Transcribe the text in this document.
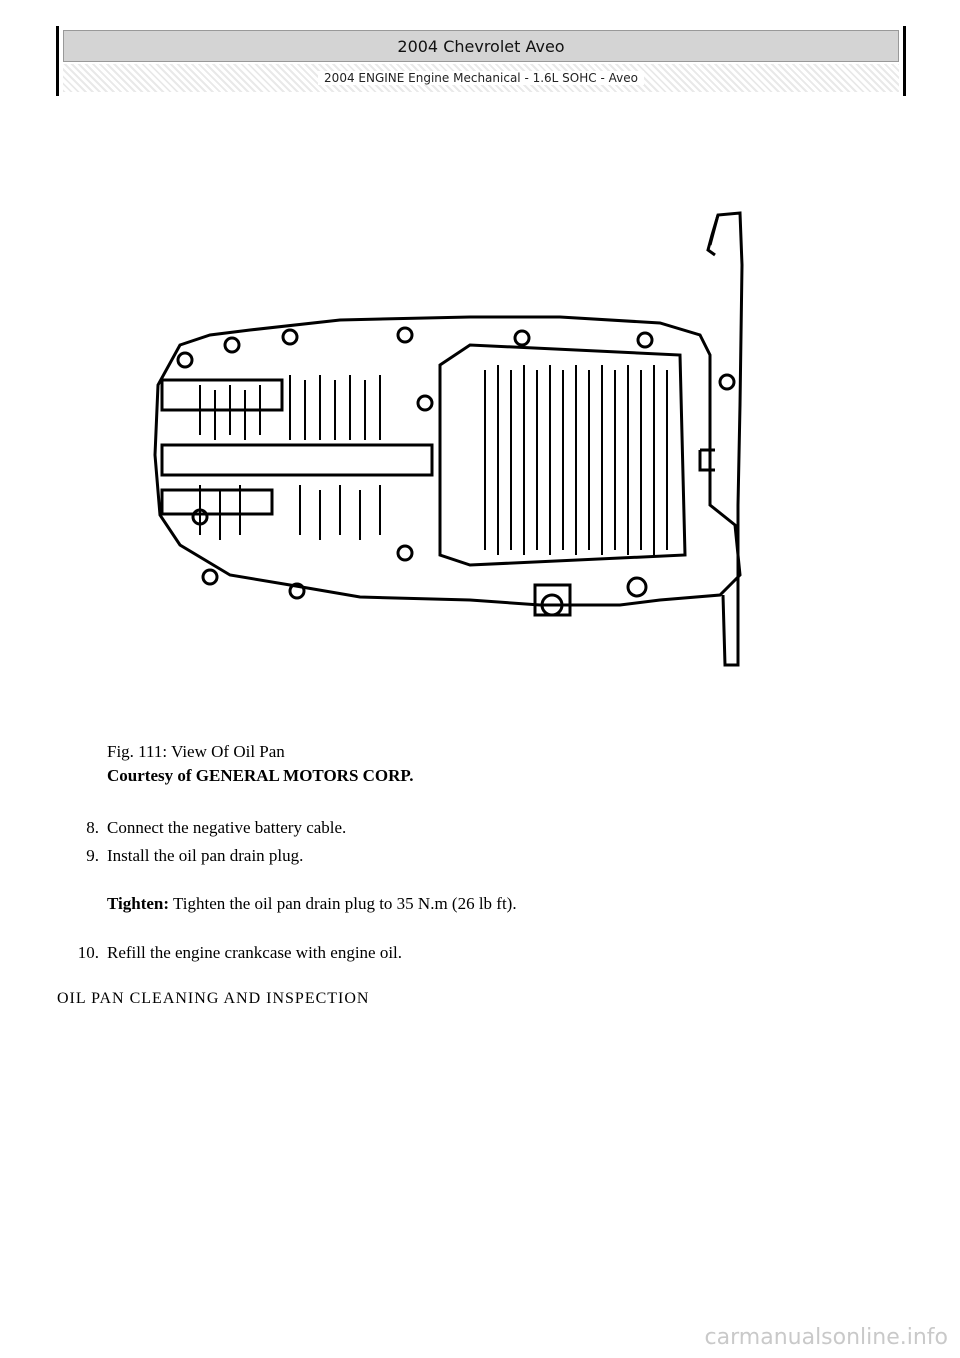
2004 Chevrolet Aveo
2004 ENGINE Engine Mechanical - 1.6L SOHC - Aveo
Fig. 111: View Of Oil Pan
Courtesy of GENERAL MOTORS CORP.
8. Connect the negative battery cable.
9. Install the oil pan drain plug.
Tighten: Tighten the oil pan drain plug to 35 N.m (26 lb ft).
10. Refill the engine crankcase with engine oil.
OIL PAN CLEANING AND INSPECTION
carmanualsonline.info
